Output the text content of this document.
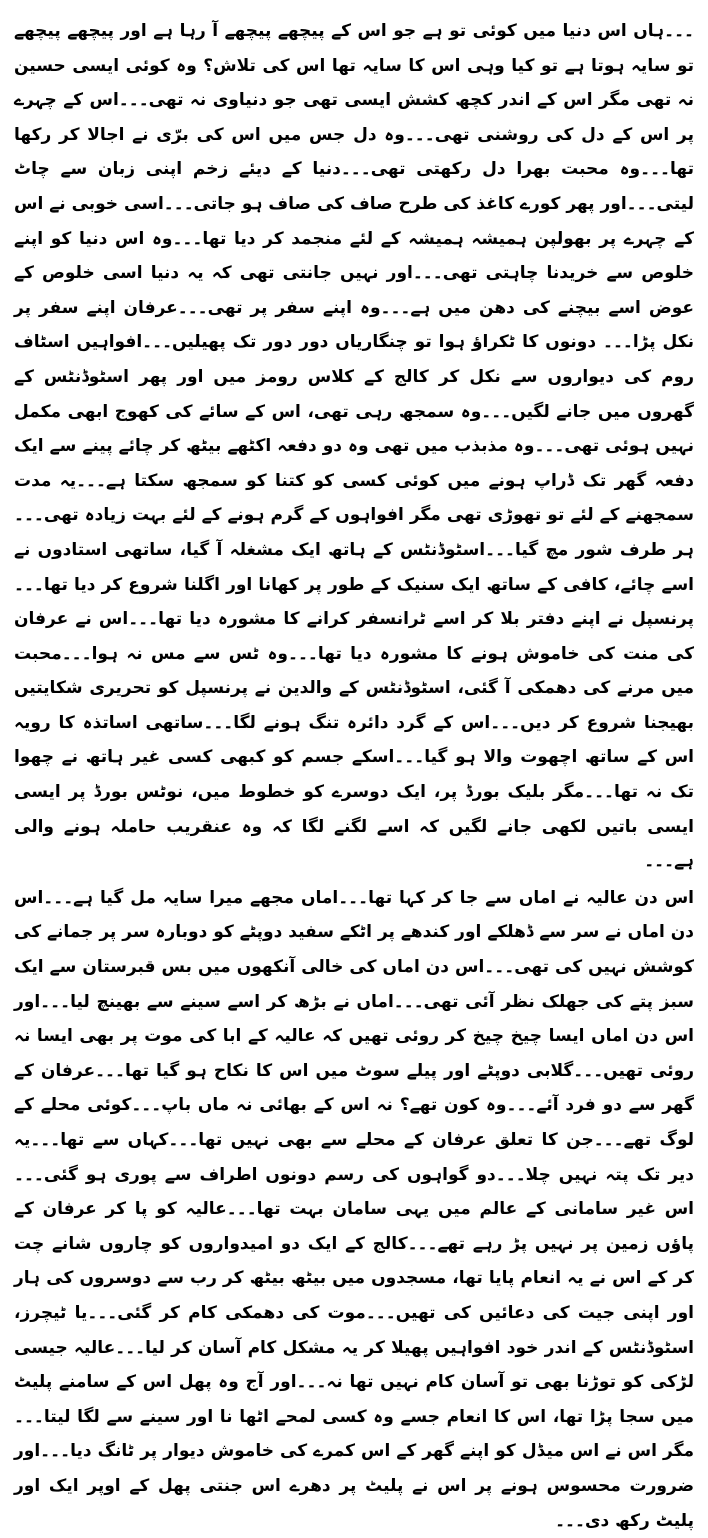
۔۔۔ہاں اس دنیا میں کوئی تو ہے جو اس کے پیچھے پیچھے آ رہا ہے اور پیچھے پیچھے تو سایہ ہوتا ہے تو کیا وہی اس کا سایہ تھا اس کی تلاش؟ وہ کوئی ایسی حسین نہ تھی مگر اس کے اندر کچھ کشش ایسی تھی جو دنیاوی نہ تھی۔۔۔اس کے چہرے پر اس کے دل کی روشنی تھی۔۔۔وہ دل جس میں اس کی برّی نے اجالا کر رکھا تھا۔۔۔وہ محبت بھرا دل رکھتی تھی۔۔۔دنیا کے دیئے زخم اپنی زبان سے چاٹ لیتی۔۔۔اور پھر کورے کاغذ کی طرح صاف کی صاف ہو جاتی۔۔۔اسی خوبی نے اس کے چہرے پر بھولپن ہمیشہ ہمیشہ کے لئے منجمد کر دیا تھا۔۔۔وہ اس دنیا کو اپنے خلوص سے خریدنا چاہتی تھی۔۔۔اور نہیں جانتی تھی کہ یہ دنیا اسی خلوص کے عوض اسے بیچنے کی دھن میں ہے۔۔۔وہ اپنے سفر پر تھی۔۔۔عرفان اپنے سفر پر نکل پڑا۔۔۔ دونوں کا ٹکراؤ ہوا تو چنگاریاں دور دور تک پھیلیں۔۔۔افواہیں اسٹاف روم کی دیواروں سے نکل کر کالج کے کلاس رومز میں اور پھر اسٹوڈنٹس کے گھروں میں جانے لگیں۔۔۔وہ سمجھ رہی تھی، اس کے سائے کی کھوج ابھی مکمل نہیں ہوئی تھی۔۔۔وہ مذبذب میں تھی وہ دو دفعہ اکٹھے بیٹھ کر چائے پینے سے ایک دفعہ گھر تک ڈراپ ہونے میں کوئی کسی کو کتنا کو سمجھ سکتا ہے۔۔۔یہ مدت سمجھنے کے لئے تو تھوڑی تھی مگر افواہوں کے گرم ہونے کے لئے بہت زیادہ تھی۔۔۔ہر طرف شور مچ گیا۔۔۔اسٹوڈنٹس کے ہاتھ ایک مشغلہ آ گیا، ساتھی استادوں نے اسے چائے، کافی کے ساتھ ایک سنیک کے طور پر کھانا اور اگلنا شروع کر دیا تھا۔۔۔پرنسپل نے اپنے دفتر بلا کر اسے ٹرانسفر کرانے کا مشورہ دیا تھا۔۔۔اس نے عرفان کی منت کی خاموش ہونے کا مشورہ دیا تھا۔۔۔وہ ٹس سے مس نہ ہوا۔۔۔محبت میں مرنے کی دھمکی آ گئی، اسٹوڈنٹس کے والدین نے پرنسپل کو تحریری شکایتیں بھیجنا شروع کر دیں۔۔۔اس کے گرد دائرہ تنگ ہونے لگا۔۔۔ساتھی اساتذہ کا رویہ اس کے ساتھ اچھوت والا ہو گیا۔۔۔اسکے جسم کو کبھی کسی غیر ہاتھ نے چھوا تک نہ تھا۔۔۔مگر بلیک بورڈ پر، ایک دوسرے کو خطوط میں، نوٹس بورڈ پر ایسی ایسی باتیں لکھی جانے لگیں کہ اسے لگنے لگا کہ وہ عنقریب حاملہ ہونے والی ہے۔۔۔

اس دن عالیہ نے اماں سے جا کر کہا تھا۔۔۔اماں مجھے میرا سایہ مل گیا ہے۔۔۔اس دن اماں نے سر سے ڈھلکے اور کندھے پر اٹکے سفید دوپٹے کو دوبارہ سر پر جمانے کی کوشش نہیں کی تھی۔۔۔اس دن اماں کی خالی آنکھوں میں بس قبرستان سے ایک سبز پتے کی جھلک نظر آئی تھی۔۔۔اماں نے بڑھ کر اسے سینے سے بھینچ لیا۔۔۔اور اس دن اماں ایسا چیخ چیخ کر روئی تھیں کہ عالیہ کے ابا کی موت پر بھی ایسا نہ روئی تھیں۔۔۔گلابی دوپٹے اور پیلے سوٹ میں اس کا نکاح ہو گیا تھا۔۔۔عرفان کے گھر سے دو فرد آئے۔۔۔وہ کون تھے؟ نہ اس کے بھائی نہ ماں باپ۔۔۔کوئی محلے کے لوگ تھے۔۔۔جن کا تعلق عرفان کے محلے سے بھی نہیں تھا۔۔۔کہاں سے تھا۔۔۔یہ دیر تک پتہ نہیں چلا۔۔۔دو گواہوں کی رسم دونوں اطراف سے پوری ہو گئی۔۔۔اس غیر سامانی کے عالم میں یہی سامان بہت تھا۔۔۔عالیہ کو پا کر عرفان کے پاؤں زمین پر نہیں پڑ رہے تھے۔۔۔کالج کے ایک دو امیدواروں کو چاروں شانے چت کر کے اس نے یہ انعام پایا تھا، مسجدوں میں بیٹھ بیٹھ کر رب سے دوسروں کی ہار اور اپنی جیت کی دعائیں کی تھیں۔۔۔موت کی دھمکی کام کر گئی۔۔۔یا ٹیچرز، اسٹوڈنٹس کے اندر خود افواہیں پھیلا کر یہ مشکل کام آسان کر لیا۔۔۔عالیہ جیسی لڑکی کو توڑنا بھی تو آسان کام نہیں تھا نہ۔۔۔اور آج وہ پھل اس کے سامنے پلیٹ میں سجا پڑا تھا، اس کا انعام جسے وہ کسی لمحے اٹھا نا اور سینے سے لگا لیتا۔۔۔مگر اس نے اس میڈل کو اپنے گھر کے اس کمرے کی خاموش دیوار پر ٹانگ دیا۔۔۔اور ضرورت محسوس ہونے پر اس نے پلیٹ پر دھرے اس جنتی پھل کے اوپر ایک اور پلیٹ رکھ دی۔۔۔
